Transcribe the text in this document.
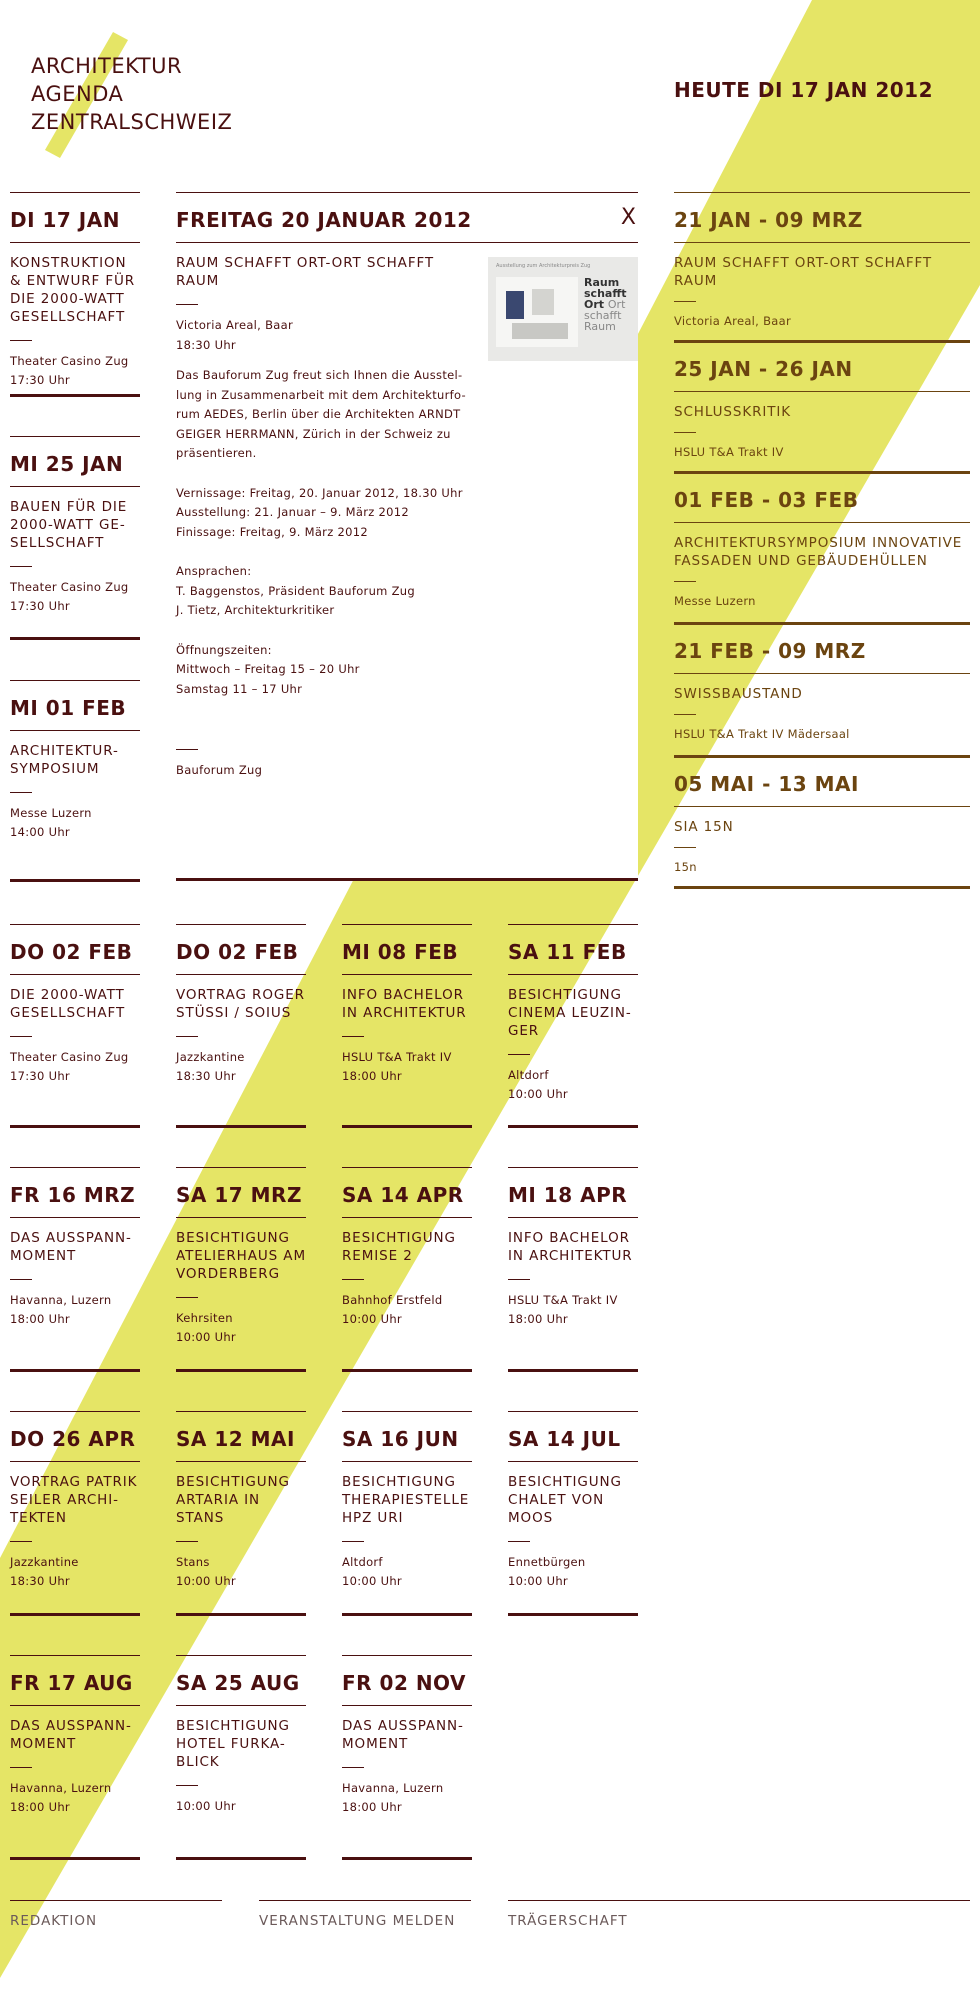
ARCHITEKTUR
AGENDA
ZENTRALSCHWEIZ
HEUTE DI 17 JAN 2012
DI 17 JAN
KONSTRUKTION & ENTWURF FÜR DIE 2000-WATT GESELLSCHAFT
Theater Casino Zug
17:30 Uhr
MI 25 JAN
BAUEN FÜR DIE 2000-WATT GE-SELLSCHAFT
Theater Casino Zug
17:30 Uhr
MI 01 FEB
ARCHITEKTUR-SYMPOSIUM
Messe Luzern
14:00 Uhr
FREITAG 20 JANUAR 2012	X
RAUM SCHAFFT ORT-ORT SCHAFFT RAUM
Victoria Areal, Baar
18:30 Uhr
Das Bauforum Zug freut sich Ihnen die Ausstel-lung in Zusammenarbeit mit dem Architekturfo-rum AEDES, Berlin über die Architekten ARNDT GEIGER HERRMANN, Zürich in der Schweiz zu präsentieren.
Vernissage: Freitag, 20. Januar 2012, 18.30 Uhr
Ausstellung: 21. Januar – 9. März 2012
Finissage: Freitag, 9. März 2012
Ansprachen:
T. Baggenstos, Präsident Bauforum Zug
J. Tietz, Architekturkritiker
Öffnungszeiten:
Mittwoch – Freitag 15 – 20 Uhr
Samstag 11 – 17 Uhr
Bauforum Zug
Ausstellung zum Architekturpreis Zug
Raum
schafft
Ort Ort
schafft
Raum
21 JAN - 09 MRZ
RAUM SCHAFFT ORT-ORT SCHAFFT RAUM
Victoria Areal, Baar
25 JAN - 26 JAN
SCHLUSSKRITIK
HSLU T&A Trakt IV
01 FEB - 03 FEB
ARCHITEKTURSYMPOSIUM INNOVATIVE FASSADEN UND GEBÄUDEHÜLLEN
Messe Luzern
21 FEB - 09 MRZ
SWISSBAUSTAND
HSLU T&A Trakt IV Mädersaal
05 MAI - 13 MAI
SIA 15N
15n
DO 02 FEB
DIE 2000-WATT GESELLSCHAFT
Theater Casino Zug
17:30 Uhr
DO 02 FEB
VORTRAG ROGER STÜSSI / SOIUS
Jazzkantine
18:30 Uhr
MI 08 FEB
INFO BACHELOR IN ARCHITEKTUR
HSLU T&A Trakt IV
18:00 Uhr
SA 11 FEB
BESICHTIGUNG CINEMA LEUZIN-GER
Altdorf
10:00 Uhr
FR 16 MRZ
DAS AUSSPANN-MOMENT
Havanna, Luzern
18:00 Uhr
SA 17 MRZ
BESICHTIGUNG ATELIERHAUS AM VORDERBERG
Kehrsiten
10:00 Uhr
SA 14 APR
BESICHTIGUNG REMISE 2
Bahnhof Erstfeld
10:00 Uhr
MI 18 APR
INFO BACHELOR IN ARCHITEKTUR
HSLU T&A Trakt IV
18:00 Uhr
DO 26 APR
VORTRAG PATRIK SEILER ARCHI-TEKTEN
Jazzkantine
18:30 Uhr
SA 12 MAI
BESICHTIGUNG ARTARIA IN STANS
Stans
10:00 Uhr
SA 16 JUN
BESICHTIGUNG THERAPIESTELLE HPZ URI
Altdorf
10:00 Uhr
SA 14 JUL
BESICHTIGUNG CHALET VON MOOS
Ennetbürgen
10:00 Uhr
FR 17 AUG
DAS AUSSPANN-MOMENT
Havanna, Luzern
18:00 Uhr
SA 25 AUG
BESICHTIGUNG HOTEL FURKA-BLICK
10:00 Uhr
FR 02 NOV
DAS AUSSPANN-MOMENT
Havanna, Luzern
18:00 Uhr
REDAKTION	VERANSTALTUNG MELDEN	TRÄGERSCHAFT
